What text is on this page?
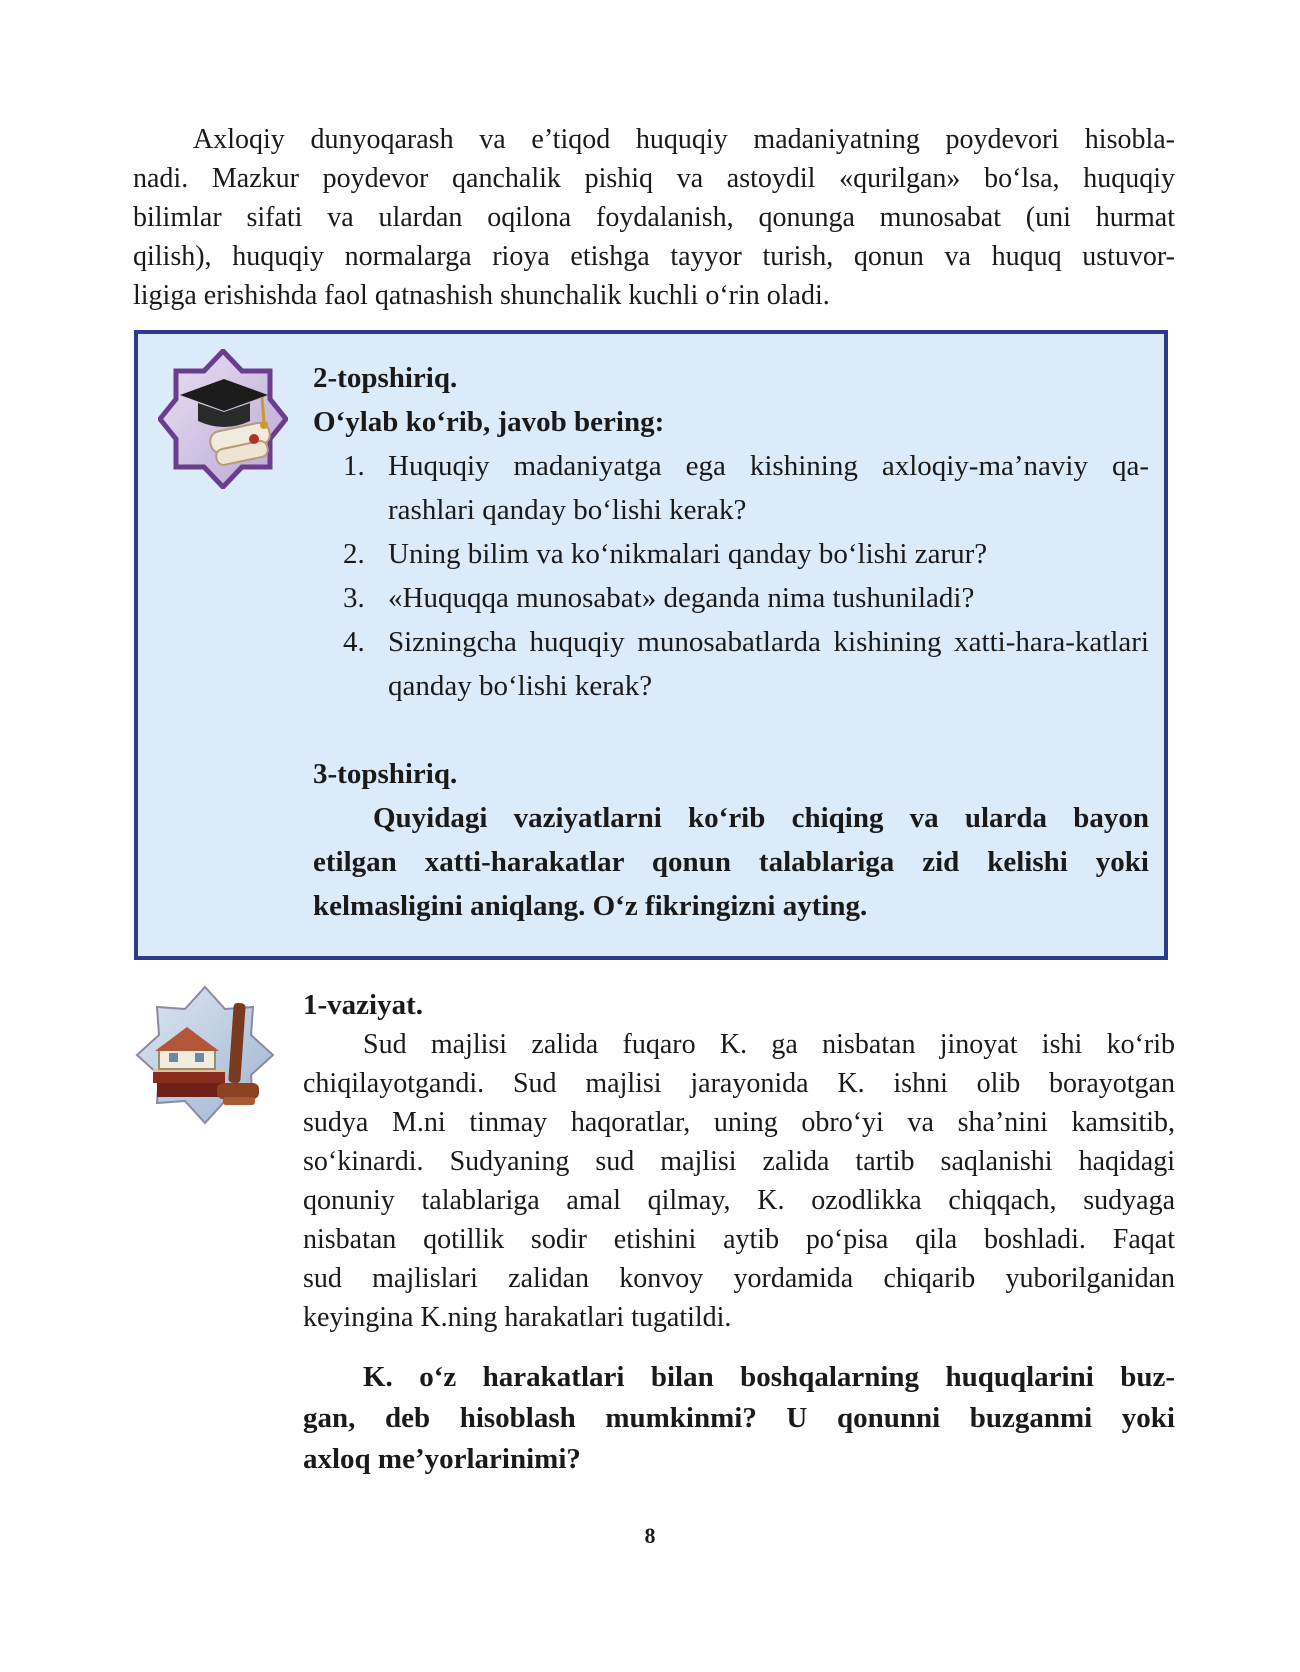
Axloqiy dunyoqarash va e’tiqod huquqiy madaniyatning poydevori hisobla-
nadi. Mazkur poydevor qanchalik pishiq va astoydil «qurilgan» bo‘lsa, huquqiy
bilimlar sifati va ulardan oqilona foydalanish, qonunga munosabat (uni hurmat
qilish), huquqiy normalarga rioya etishga tayyor turish, qonun va huquq ustuvor-
ligiga erishishda faol qatnashish shunchalik kuchli o‘rin oladi.
2-topshiriq.
O‘ylab ko‘rib, javob bering:
1. Huquqiy madaniyatga ega kishining axloqiy-ma’naviy qa-rashlari qanday bo‘lishi kerak?
2. Uning bilim va ko‘nikmalari qanday bo‘lishi zarur?
3. «Huquqqa munosabat» deganda nima tushuniladi?
4. Sizningcha huquqiy munosabatlarda kishining xatti-hara-katlari qanday bo‘lishi kerak?
3-topshiriq.

Quyidagi vaziyatlarni ko‘rib chiqing va ularda bayon
etilgan xatti-harakatlar qonun talablariga zid kelishi yoki
kelmasligini aniqlang. O‘z fikringizni ayting.

1-vaziyat.

Sud majlisi zalida fuqaro K. ga nisbatan jinoyat ishi ko‘rib
chiqilayotgandi. Sud majlisi jarayonida K. ishni olib borayotgan
sudya M.ni tinmay haqoratlar, uning obro‘yi va sha’nini kamsitib,
so‘kinardi. Sudyaning sud majlisi zalida tartib saqlanishi haqidagi
qonuniy talablariga amal qilmay, K. ozodlikka chiqqach, sudyaga
nisbatan qotillik sodir etishini aytib po‘pisa qila boshladi. Faqat
sud majlislari zalidan konvoy yordamida chiqarib yuborilganidan
keyingina K.ning harakatlari tugatildi.

K. o‘z harakatlari bilan boshqalarning huquqlarini buz-
gan, deb hisoblash mumkinmi? U qonunni buzganmi yoki
axloq me’yorlarinimi?
8
